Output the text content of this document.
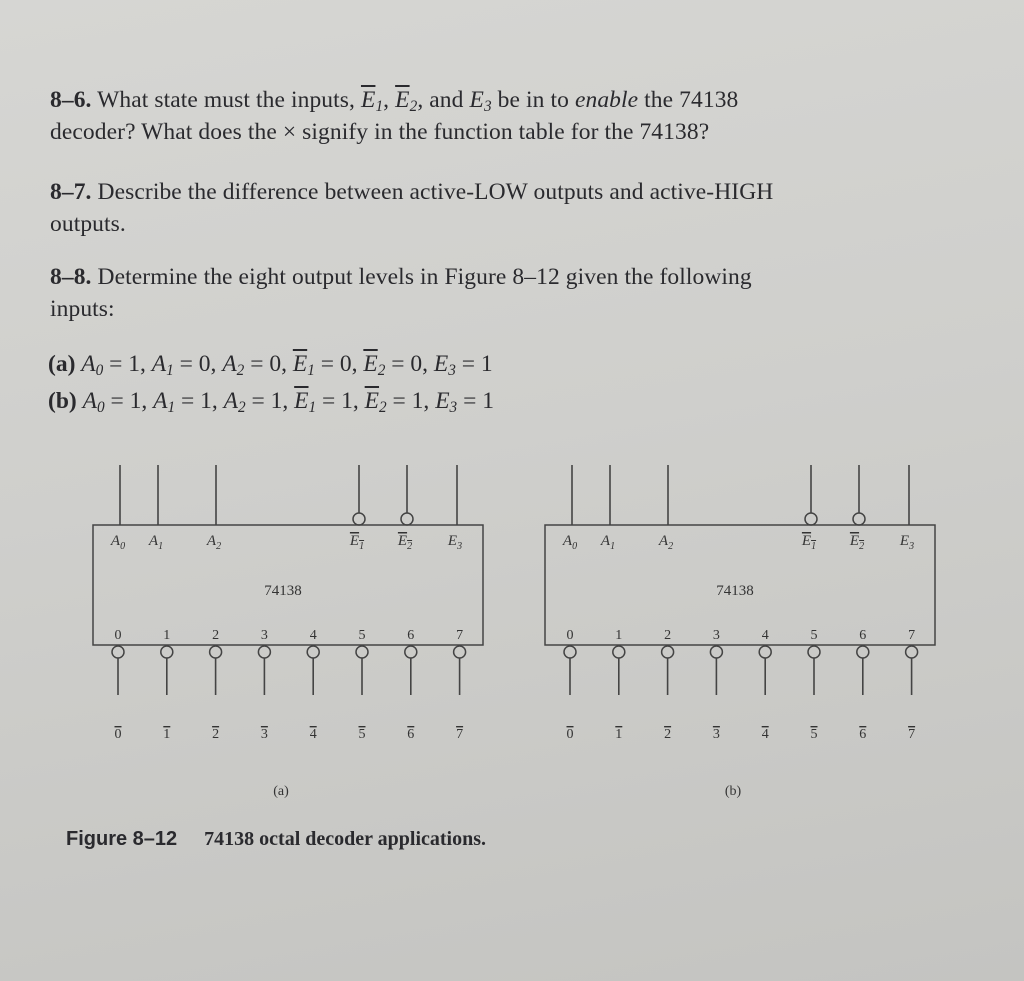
8–6. What state must the inputs, $\overline{E}_1$, $\overline{E}_2$, and $E_3$ be in to enable the 74138
decoder? What does the × signify in the function table for the 74138?
8–7. Describe the difference between active-LOW outputs and active-HIGH
outputs.
8–8. Determine the eight output levels in Figure 8–12 given the following
inputs:
(a) $A_0 = 1$, $A_1 = 0$, $A_2 = 0$, $\overline{E}_1 = 0$, $\overline{E}_2 = 0$, $E_3 = 1$
(b) $A_0 = 1$, $A_1 = 1$, $A_2 = 1$, $\overline{E}_1 = 1$, $\overline{E}_2 = 1$, $E_3 = 1$
$A_0$ $A_1$	$A_2$	$E_1$ $E_2$ $E_3$
74138
0
0
1
1
2
2
3
3
4
4
5
5
6
6
7
7
(a)
$A_0$ $A_1$	$A_2$	$E_1$ $E_2$ $E_3$
74138
0
0
1
1
2
2
3
3
4
4
5
5
6
6
7
7
(b)
Figure 8–12 74138 octal decoder applications.
